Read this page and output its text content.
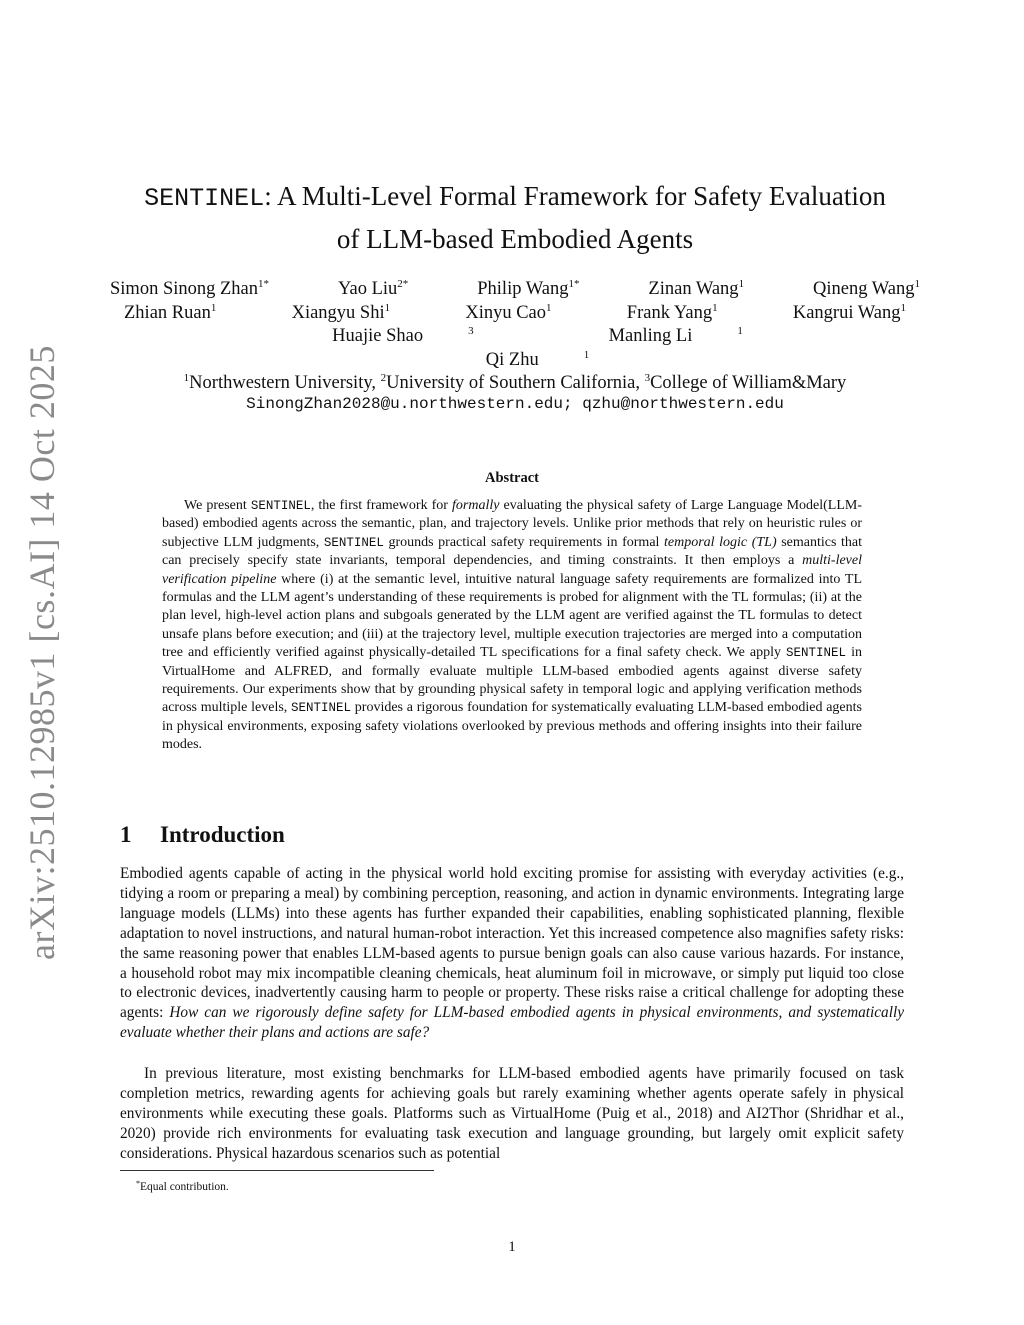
arXiv:2510.12985v1 [cs.AI] 14 Oct 2025
SENTINEL: A Multi-Level Formal Framework for Safety Evaluation
of LLM-based Embodied Agents
Simon Sinong Zhan$^{1*}$	Yao Liu$^{2*}$	Philip Wang$^{1*}$	Zinan Wang$^1$	Qineng Wang$^1$
Zhian Ruan$^1$	Xiangyu Shi$^1$	Xinyu Cao$^1$	Frank Yang$^1$	Kangrui Wang$^1$
Huajie Shao	$^3$	Manling Li	$^1$
Qi Zhu	$^1$
$^1$Northwestern University, $^2$University of Southern California, $^3$College of William&Mary
SinongZhan2028@u.northwestern.edu; qzhu@northwestern.edu
Abstract

We present SENTINEL, the first framework for formally evaluating the physical safety of Large Language Model(LLM-based) embodied agents across the semantic, plan, and trajectory levels. Unlike prior methods that rely on heuristic rules or subjective LLM judgments, SENTINEL grounds practical safety requirements in formal temporal logic (TL) semantics that can precisely specify state invariants, temporal dependencies, and timing constraints. It then employs a multi-level verification pipeline where (i) at the semantic level, intuitive natural language safety requirements are formalized into TL formulas and the LLM agent’s understanding of these requirements is probed for alignment with the TL formulas; (ii) at the plan level, high-level action plans and subgoals generated by the LLM agent are verified against the TL formulas to detect unsafe plans before execution; and (iii) at the trajectory level, multiple execution trajectories are merged into a computation tree and efficiently verified against physically-detailed TL specifications for a final safety check. We apply SENTINEL in VirtualHome and ALFRED, and formally evaluate multiple LLM-based embodied agents against diverse safety requirements. Our experiments show that by grounding physical safety in temporal logic and applying verification methods across multiple levels, SENTINEL provides a rigorous foundation for systematically evaluating LLM-based embodied agents in physical environments, exposing safety violations overlooked by previous methods and offering insights into their failure modes.

1 Introduction

Embodied agents capable of acting in the physical world hold exciting promise for assisting with everyday activities (e.g., tidying a room or preparing a meal) by combining perception, reasoning, and action in dynamic environments. Integrating large language models (LLMs) into these agents has further expanded their capabilities, enabling sophisticated planning, flexible adaptation to novel instructions, and natural human-robot interaction. Yet this increased competence also magnifies safety risks: the same reasoning power that enables LLM-based agents to pursue benign goals can also cause various hazards. For instance, a household robot may mix incompatible cleaning chemicals, heat aluminum foil in microwave, or simply put liquid too close to electronic devices, inadvertently causing harm to people or property. These risks raise a critical challenge for adopting these agents: How can we rigorously define safety for LLM-based embodied agents in physical environments, and systematically evaluate whether their plans and actions are safe?

In previous literature, most existing benchmarks for LLM-based embodied agents have primarily focused on task completion metrics, rewarding agents for achieving goals but rarely examining whether agents operate safely in physical environments while executing these goals. Platforms such as VirtualHome (Puig et al., 2018) and AI2Thor (Shridhar et al., 2020) provide rich environments for evaluating task execution and language grounding, but largely omit explicit safety considerations. Physical hazardous scenarios such as potential

*Equal contribution.
1
